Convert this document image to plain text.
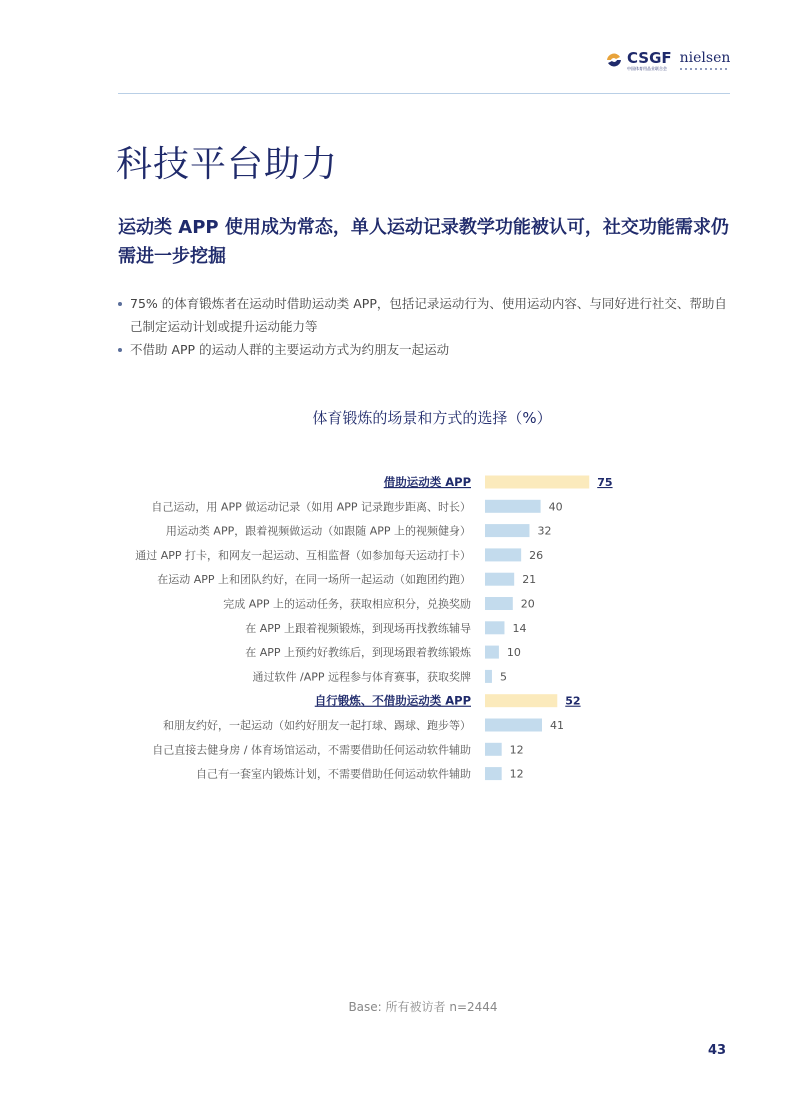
CSGF
中国体育用品业联合会
nielsen
科技平台助力

运动类 APP 使用成为常态，单人运动记录教学功能被认可，社交功能需求仍需进一步挖掘

75% 的体育锻炼者在运动时借助运动类 APP，包括记录运动行为、使用运动内容、与同好进行社交、帮助自己制定运动计划或提升运动能力等
不借助 APP 的运动人群的主要运动方式为约朋友一起运动
体育锻炼的场景和方式的选择（%）
借助运动类 APP	75
自己运动，用 APP 做运动记录（如用 APP 记录跑步距离、时长）	40
用运动类 APP，跟着视频做运动（如跟随 APP 上的视频健身）	32
通过 APP 打卡，和网友一起运动、互相监督（如参加每天运动打卡）	26
在运动 APP 上和团队约好，在同一场所一起运动（如跑团约跑）	21
完成 APP 上的运动任务，获取相应积分，兑换奖励	20
在 APP 上跟着视频锻炼，到现场再找教练辅导	14
在 APP 上预约好教练后，到现场跟着教练锻炼	10
通过软件 /APP 远程参与体育赛事，获取奖牌	5
自行锻炼、不借助运动类 APP	52
和朋友约好，一起运动（如约好朋友一起打球、踢球、跑步等）	41
自己直接去健身房 / 体育场馆运动，不需要借助任何运动软件辅助	12
自己有一套室内锻炼计划，不需要借助任何运动软件辅助	12
Base: 所有被访者 n=2444
43
